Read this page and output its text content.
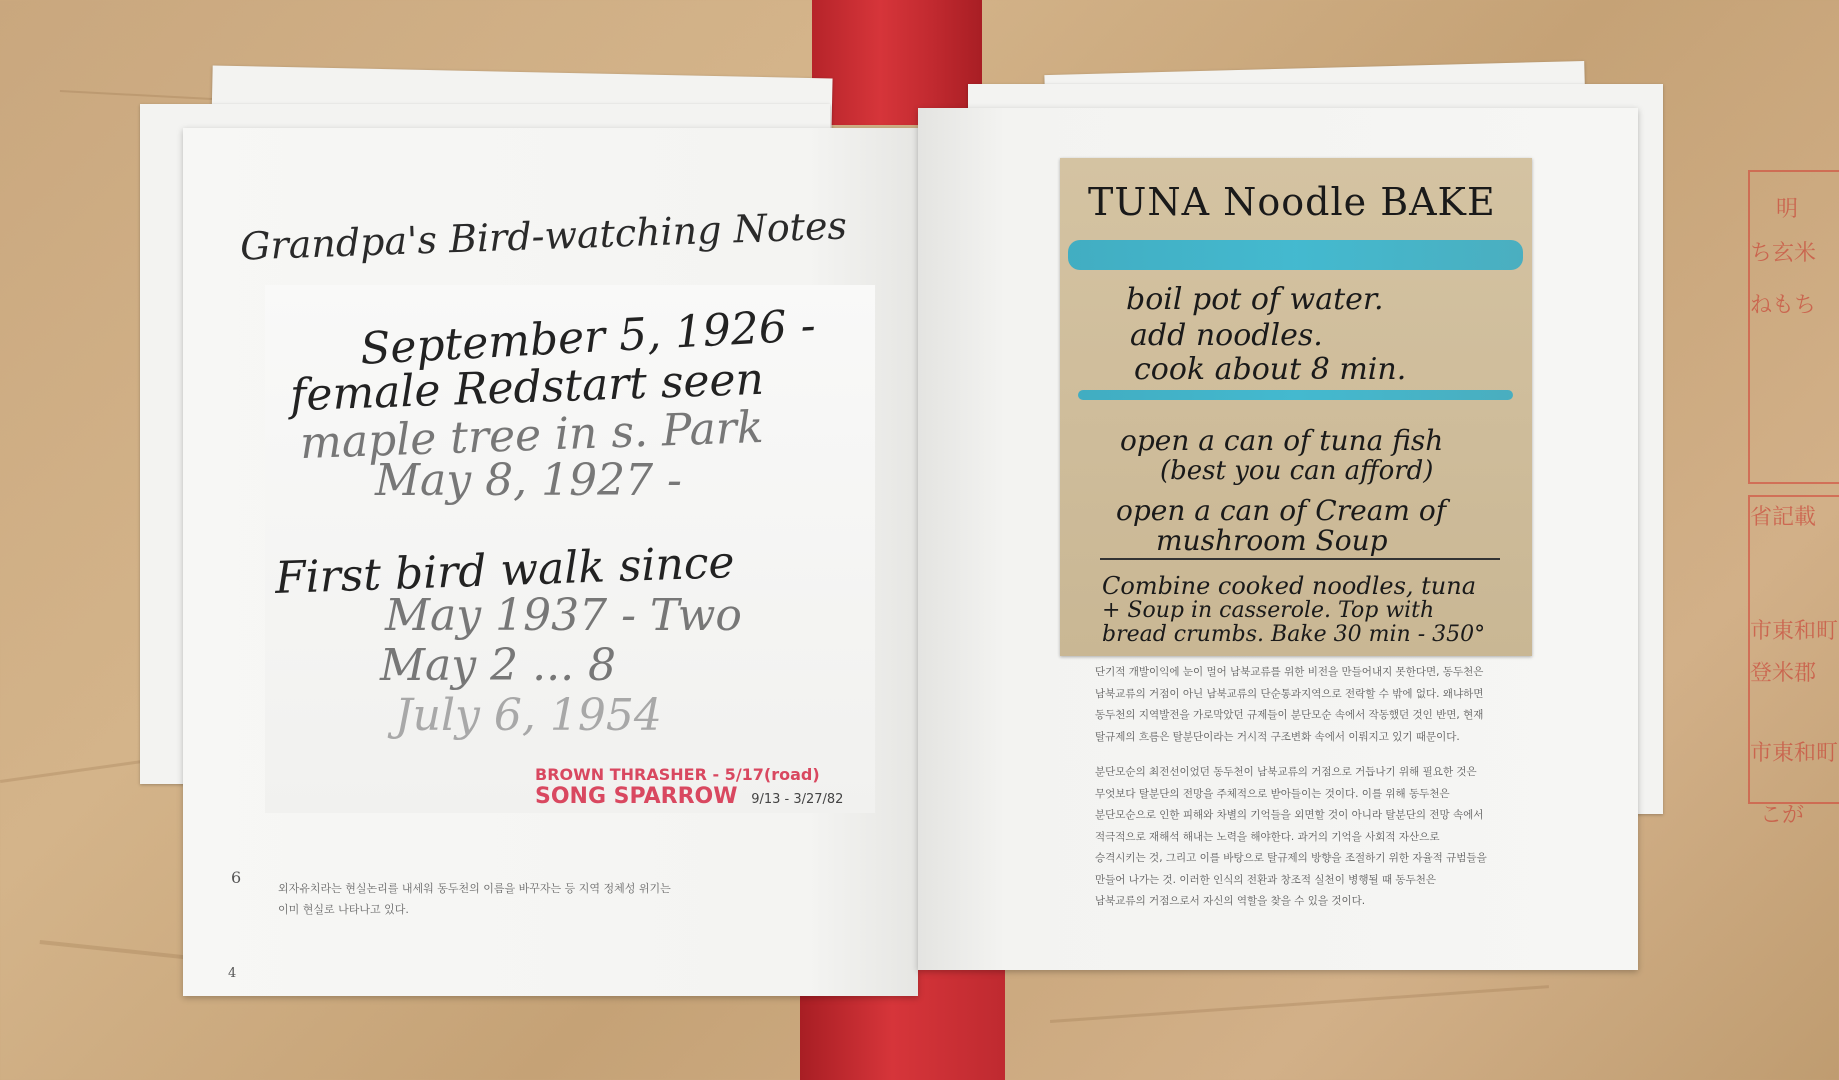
明
ち玄米
ねもち
省記載
市東和町
登米郡
市東和町
こが
Grandpa's Bird-watching Notes
September 5, 1926 -
female Redstart seen
maple tree in s. Park
May 8, 1927 -
First bird walk since
May 1937 - Two
May 2 ... 8
July 6, 1954
BROWN THRASHER - 5/17(road)
SONG SPARROW 9/13 - 3/27/82
6
4
외자유치라는 현실논리를 내세워 동두천의 이름을 바꾸자는 등 지역 정체성 위기는
이미 현실로 나타나고 있다.
TUNA Noodle BAKE
boil pot of water.
add noodles.
cook about 8 min.
open a can of tuna fish
(best you can afford)
open a can of Cream of
mushroom Soup
Combine cooked noodles, tuna
+ Soup in casserole. Top with
bread crumbs. Bake 30 min - 350°
단기적 개발이익에 눈이 멀어 남북교류를 위한 비전을 만들어내지 못한다면, 동두천은
남북교류의 거점이 아닌 남북교류의 단순통과지역으로 전락할 수 밖에 없다. 왜냐하면
동두천의 지역발전을 가로막았던 규제들이 분단모순 속에서 작동했던 것인 반면, 현재
탈규제의 흐름은 탈분단이라는 거시적 구조변화 속에서 이뤄지고 있기 때문이다.
분단모순의 최전선이었던 동두천이 남북교류의 거점으로 거듭나기 위해 필요한 것은
무엇보다 탈분단의 전망을 주체적으로 받아들이는 것이다. 이를 위해 동두천은
분단모순으로 인한 피해와 차별의 기억들을 외면할 것이 아니라 탈분단의 전망 속에서
적극적으로 재해석 해내는 노력을 해야한다. 과거의 기억을 사회적 자산으로
승격시키는 것, 그리고 이를 바탕으로 탈규제의 방향을 조절하기 위한 자율적 규범들을
만들어 나가는 것. 이러한 인식의 전환과 창조적 실천이 병행될 때 동두천은
남북교류의 거점으로서 자신의 역할을 찾을 수 있을 것이다.
